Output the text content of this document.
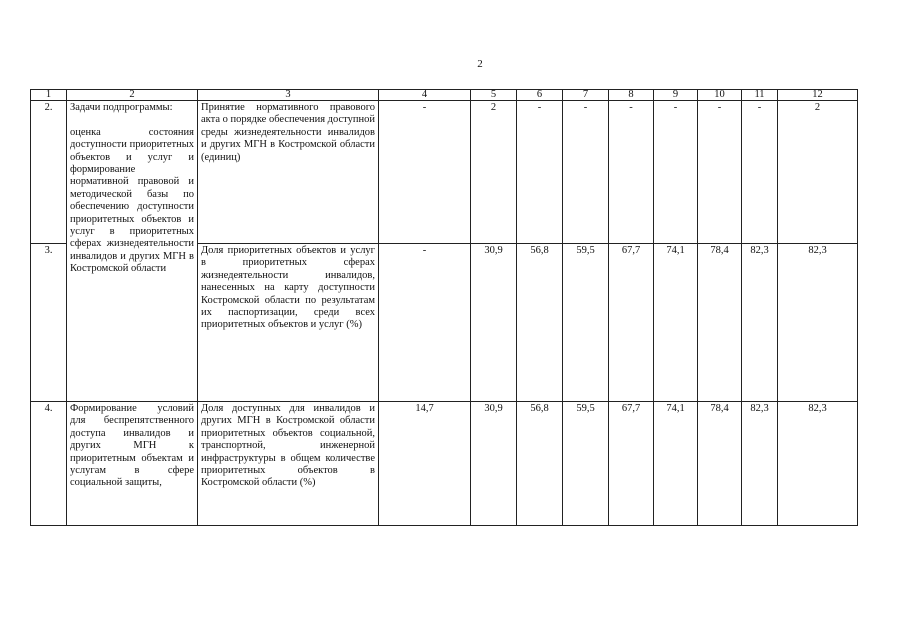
2
1	2	3	4	5	6	7	8	9	10	11	12
2.	Задачи подпрограммы:

оценка состояния доступности приоритетных объектов и услуг и формирование нормативной правовой и методической базы по обеспечению доступности приоритетных объектов и услуг в приоритетных сферах жизнедеятельности инвалидов и других МГН в Костромской области	Принятие нормативного правового акта о порядке обеспечения доступной среды жизнедеятельности инвалидов и других МГН в Костромской области (единиц)	-	2	-	-	-	-	-	-	2
3.		Доля приоритетных объектов и услуг в приоритетных сферах жизнедеятельности инвалидов, нанесенных на карту доступности Костромской области по результатам их паспортизации, среди всех приоритетных объектов и услуг (%)	-	30,9	56,8	59,5	67,7	74,1	78,4	82,3	82,3
4.	Формирование условий для беспрепятственного доступа инвалидов и других МГН к приоритетным объектам и услугам в сфере социальной защиты,	Доля доступных для инвалидов и других МГН в Костромской области приоритетных объектов социальной, транспортной, инженерной инфраструктуры в общем количестве приоритетных объектов в Костромской области (%)	14,7	30,9	56,8	59,5	67,7	74,1	78,4	82,3	82,3
